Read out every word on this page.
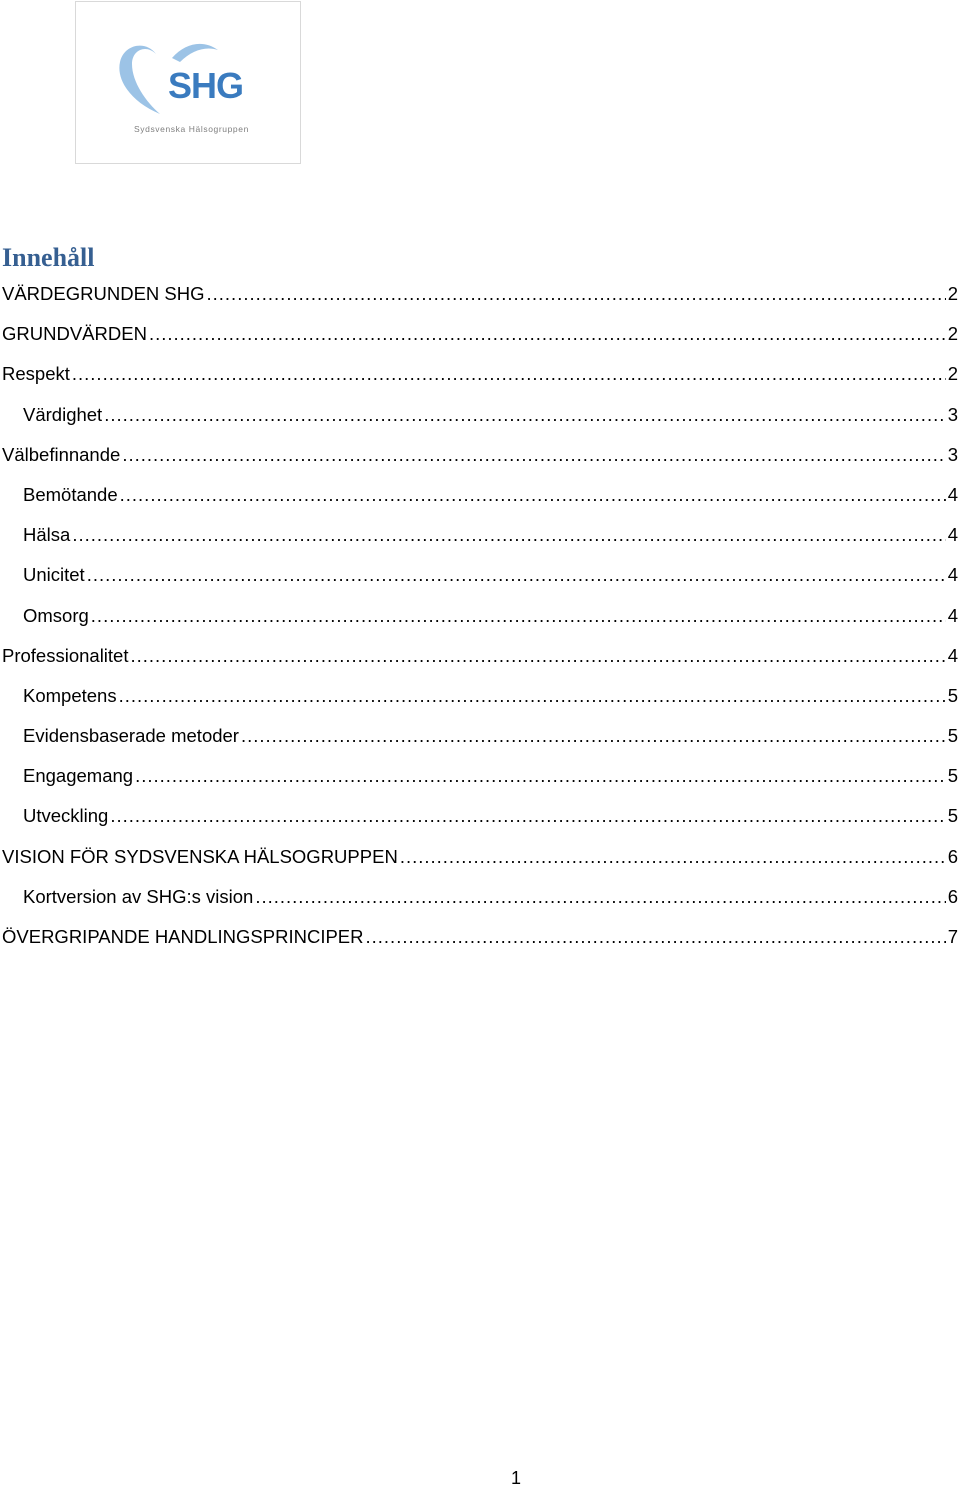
SHG
Sydsvenska Hälsogruppen
Innehåll
VÄRDEGRUNDEN SHG .....	2
GRUNDVÄRDEN .....	2
Respekt .....	2
Värdighet .....	3
Välbefinnande .....	3
Bemötande .....	4
Hälsa .....	4
Unicitet .....	4
Omsorg .....	4
Professionalitet .....	4
Kompetens .....	5
Evidensbaserade metoder .....	5
Engagemang .....	5
Utveckling .....	5
VISION FÖR SYDSVENSKA HÄLSOGRUPPEN .....	6
Kortversion av SHG:s vision .....	6
ÖVERGRIPANDE HANDLINGSPRINCIPER .....	7
1
